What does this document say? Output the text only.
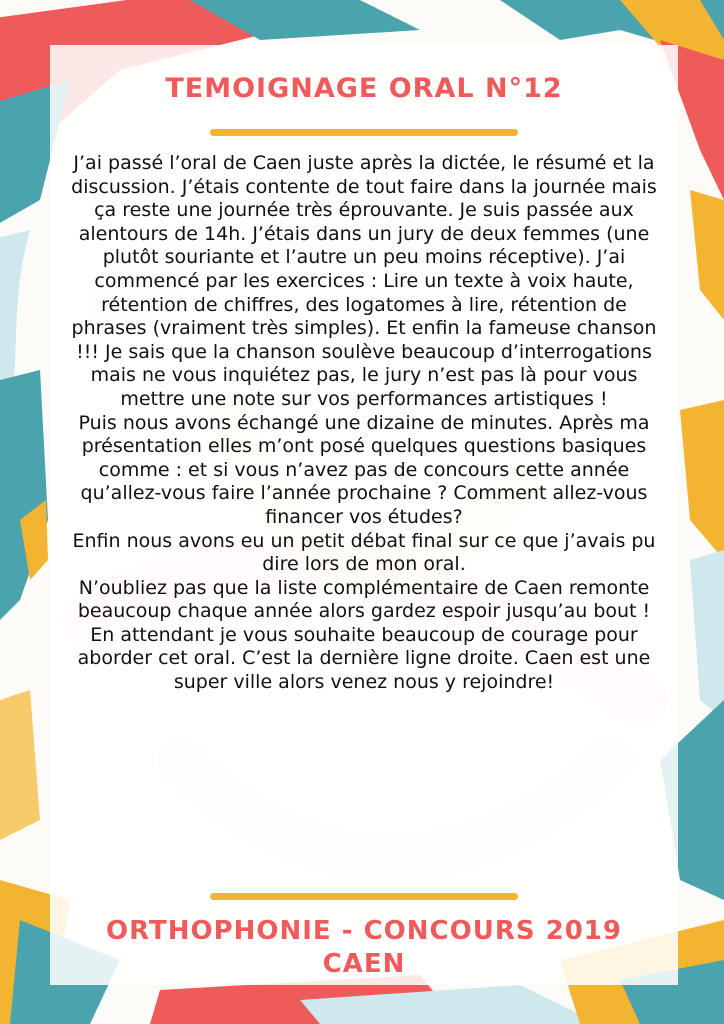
TEMOIGNAGE ORAL N°12

J’ai passé l’oral de Caen juste après la dictée, le résumé et la discussion. J’étais contente de tout faire dans la journée mais ça reste une journée très éprouvante. Je suis passée aux alentours de 14h. J’étais dans un jury de deux femmes (une plutôt souriante et l’autre un peu moins réceptive). J’ai commencé par les exercices : Lire un texte à voix haute, rétention de chiffres, des logatomes à lire, rétention de phrases (vraiment très simples). Et enfin la fameuse chanson !!! Je sais que la chanson soulève beaucoup d’interrogations mais ne vous inquiétez pas, le jury n’est pas là pour vous mettre une note sur vos performances artistiques !

Puis nous avons échangé une dizaine de minutes. Après ma présentation elles m’ont posé quelques questions basiques comme : et si vous n’avez pas de concours cette année qu’allez-vous faire l’année prochaine ? Comment allez-vous financer vos études?

Enfin nous avons eu un petit débat final sur ce que j’avais pu dire lors de mon oral.

N’oubliez pas que la liste complémentaire de Caen remonte beaucoup chaque année alors gardez espoir jusqu’au bout !

En attendant je vous souhaite beaucoup de courage pour aborder cet oral. C’est la dernière ligne droite. Caen est une super ville alors venez nous y rejoindre!

ORTHOPHONIE - CONCOURS 2019
CAEN
